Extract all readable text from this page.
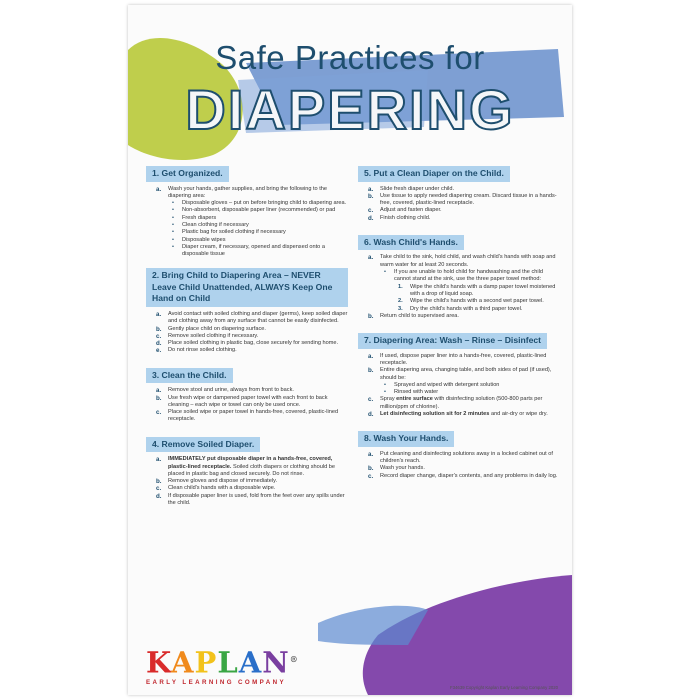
Safe Practices for
DIAPERING
1. Get Organized.
a.	Wash your hands, gather supplies, and bring the following to the diapering area:
•	Disposable gloves – put on before bringing child to diapering area.
•	Non-absorbent, disposable paper liner (recommended) or pad
•	Fresh diapers
•	Clean clothing if necessary
•	Plastic bag for soiled clothing if necessary
•	Disposable wipes
•	Diaper cream, if necessary, opened and dispensed onto a disposable tissue
2. Bring Child to Diapering Area – NEVER Leave Child Unattended, ALWAYS Keep One Hand on Child
a.	Avoid contact with soiled clothing and diaper (germs), keep soiled diaper and clothing away from any surface that cannot be easily disinfected.
b.	Gently place child on diapering surface.
c.	Remove soiled clothing if necessary.
d.	Place soiled clothing in plastic bag, close securely for sending home.
e.	Do not rinse soiled clothing.
3. Clean the Child.
a.	Remove stool and urine, always from front to back.
b.	Use fresh wipe or dampened paper towel with each front to back cleaning – each wipe or towel can only be used once.
c.	Place soiled wipe or paper towel in hands-free, covered, plastic-lined receptacle.
4. Remove Soiled Diaper.
a.	IMMEDIATELY put disposable diaper in a hands-free, covered, plastic-lined receptacle. Soiled cloth diapers or clothing should be placed in plastic bag and closed securely. Do not rinse.
b.	Remove gloves and dispose of immediately.
c.	Clean child's hands with a disposable wipe.
d.	If disposable paper liner is used, fold from the feet over any spills under the child.
5. Put a Clean Diaper on the Child.
a.	Slide fresh diaper under child.
b.	Use tissue to apply needed diapering cream. Discard tissue in a hands-free, covered, plastic-lined receptacle.
c.	Adjust and fasten diaper.
d.	Finish clothing child.
6. Wash Child's Hands.
a.	Take child to the sink, hold child, and wash child's hands with soap and warm water for at least 20 seconds.
•	If you are unable to hold child for handwashing and the child cannot stand at the sink, use the three paper towel method:
1.	Wipe the child's hands with a damp paper towel moistened with a drop of liquid soap.
2.	Wipe the child's hands with a second wet paper towel.
3.	Dry the child's hands with a third paper towel.
b.	Return child to supervised area.
7. Diapering Area: Wash – Rinse – Disinfect
a.	If used, dispose paper liner into a hands-free, covered, plastic-lined receptacle.
b.	Entire diapering area, changing table, and both sides of pad (if used), should be:
•	Sprayed and wiped with detergent solution
•	Rinsed with water
c.	Spray entire surface with disinfecting solution (500-800 parts per million/ppm of chlorine).
d.	Let disinfecting solution sit for 2 minutes and air-dry or wipe dry.
8. Wash Your Hands.
a.	Put cleaning and disinfecting solutions away in a locked cabinet out of children's reach.
b.	Wash your hands.
c.	Record diaper change, diaper's contents, and any problems in daily log.
KAPLAN®
EARLY LEARNING COMPANY
F34639 Copyright Kaplan Early Learning Company 2020
